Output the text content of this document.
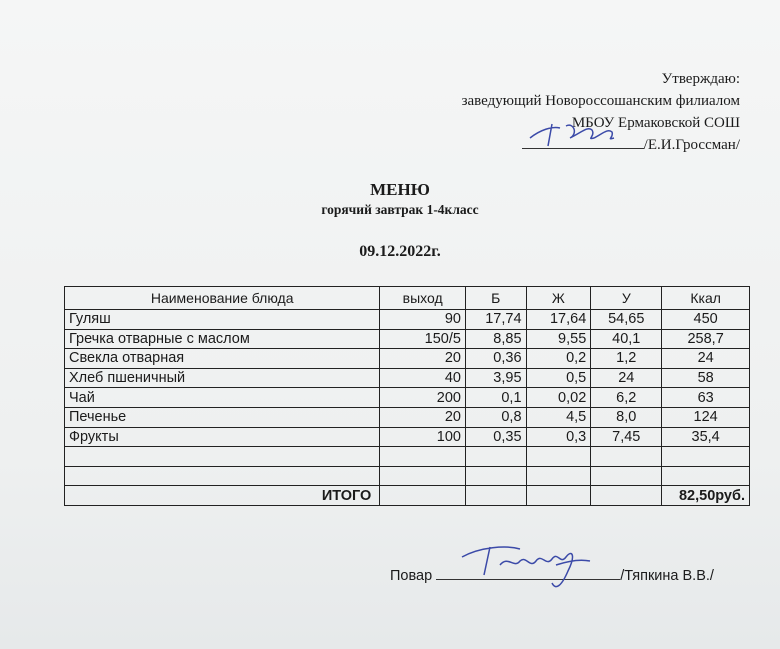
Утверждаю:
заведующий Новороссошанским филиалом
МБОУ Ермаковской СОШ
/Е.И.Гроссман/
МЕНЮ
горячий завтрак 1-4класс
09.12.2022г.
Наименование блюда	выход	Б	Ж	У	Ккал
Гуляш	90	17,74	17,64	54,65	450
Гречка отварные с маслом	150/5	8,85	9,55	40,1	258,7
Свекла отварная	20	0,36	0,2	1,2	24
Хлеб пшеничный	40	3,95	0,5	24	58
Чай	200	0,1	0,02	6,2	63
Печенье	20	0,8	4,5	8,0	124
Фрукты	100	0,35	0,3	7,45	35,4

ИТОГО					82,50руб.
Повар	/Тяпкина В.В./
